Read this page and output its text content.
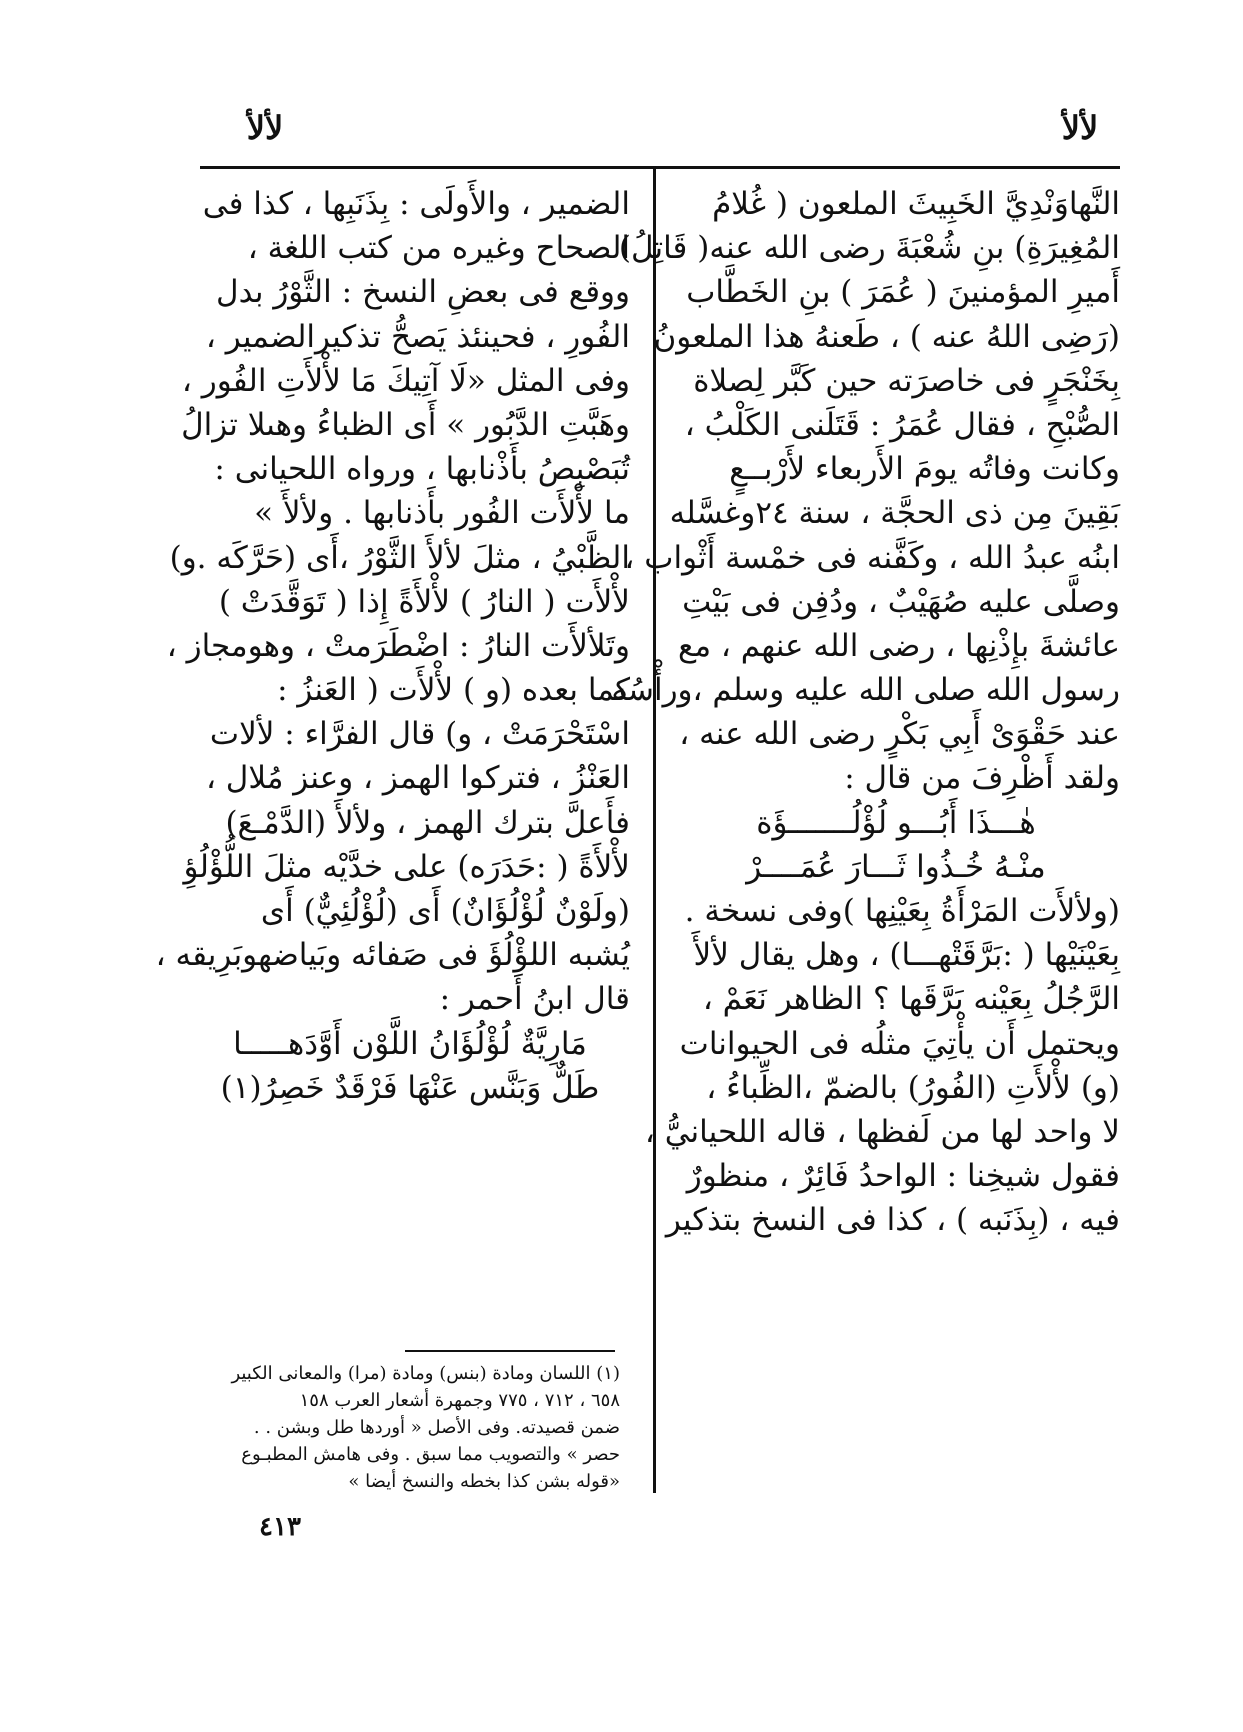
لألأ
لألأ
النَّهاوَنْدِيَّ الخَبِيثَ الملعون ( غُلامُ
المُغِيرَةِ) بنِ شُعْبَةَ رضى الله عنه( قَاتِلُ)
أَميرِ المؤمنينَ ( عُمَرَ ) بنِ الخَطَّاب
(رَضِى اللهُ عنه ) ، طَعنهُ هذا الملعونُ
بِخَنْجَرٍ فى خاصرَته حين كَبَّر لِصلاة
الصُّبْحِ ، فقال عُمَرُ : قَتَلَنى الكَلْبُ ،
وكانت وفاتُه يومَ الأَربعاء لأَرْبــعٍ
بَقِينَ مِن ذى الحجَّة ، سنة ٢٤وغسَّله
ابنُه عبدُ الله ، وكَفَّنه فى خمْسة أَثْواب ،
وصلَّى عليه صُهَيْبٌ ، ودُفِن فى بَيْتِ
عائشةَ بإِذْنِها ، رضى الله عنهم ، مع
رسول الله صلى الله عليه وسلم ،ورأْسُه
عند حَقْوَىْ أَبِي بَكْرٍ رضى الله عنه ،
ولقد أَظْرِفَ من قال :
هٰـــذَا أَبُـــو لُؤْلُـــــــؤَة
منْـهُ خُـذُوا ثَـــارَ عُمَــــرْ
(ولألأَت المَرْأَةُ بِعَيْنِها )وفى نسخة .
بِعَيْنَيْها ( :بَرَّقَتْهـــا) ، وهل يقال لألأَ
الرَّجُلُ بِعَيْنه بَرَّقَها ؟ الظاهر نَعَمْ ،
ويحتمل أَن يأْتِيَ مثلُه فى الحيوانات
(و) لأْلأَتِ (الفُورُ) بالضمّ ،الظِّباءُ ،
لا واحد لها من لَفظها ، قاله اللحيانيُّ ،
فقول شيخِنا : الواحدُ فَائِرٌ ، منظورٌ
فيه ، (بِذَنَبه ) ، كذا فى النسخ بتذكير
الضمير ، والأَولَى : بِذَنَبِها ، كذا فى
الصحاح وغيره من كتب اللغة ،
ووقع فى بعضِ النسخ : الثَّوْرُ بدل
الفُورِ ، فحينئذ يَصحُّ تذكيرالضمير ،
وفى المثل «لَا آتِيكَ مَا لأْلأَتِ الفُور ،
وهَبَّتِ الدَّبُور » أَى الظباءُ وهىلا تزالُ
تُبَصْبِصُ بأَذْنابها ، ورواه اللحيانى :
ما لأْلأَت الفُور بأَذنابها . ولألأَ »
الظَّبْيُ ، مثلَ لألأَ الثَّوْرُ ،أَى (حَرَّكَه .و)
لأْلأَت ( النارُ ) لأْلأَةً إِذا ( تَوَقَّدَتْ )
وتَلألأَت النارُ : اضْطَرَمتْ ، وهومجاز ،
كما بعده (و ) لأْلأَت ( العَنزُ :
اسْتَحْرَمَتْ ، و) قال الفرَّاء : لألات
العَنْزُ ، فتركوا الهمز ، وعنز مُلال ،
فأَعلَّ بترك الهمز ، ولألأَ (الدَّمْـعَ)
لأْلأَةً ( :حَدَرَه) على خدَّيْه مثلَ اللُّؤْلُؤِ
(ولَوْنٌ لُؤْلُؤَانٌ) أَى (لُؤْلُئِيٌّ) أَى
يُشبه اللؤْلُؤَ فى صَفائه وبَياضهوبَرِيقه ،
قال ابنُ أَحمر :
مَارِيَّةٌ لُؤْلُؤَانُ اللَّوْن أَوَّدَهـــــا
طَلٌّ وَبَنَّس عَنْهَا فَرْقَدٌ خَصِرُ(١)
(١) اللسان ومادة (بنس) ومادة (مرا) والمعانى الكبير
٦٥٨ ، ٧١٢ ، ٧٧٥ وجمهرة أشعار العرب ١٥٨
ضمن قصيدته. وفى الأصل « أوردها طل وبشن . .
حصر » والتصويب مما سبق . وفى هامش المطبـوع
«قوله بشن كذا بخطه والنسخ أيضا »
٤١٣
